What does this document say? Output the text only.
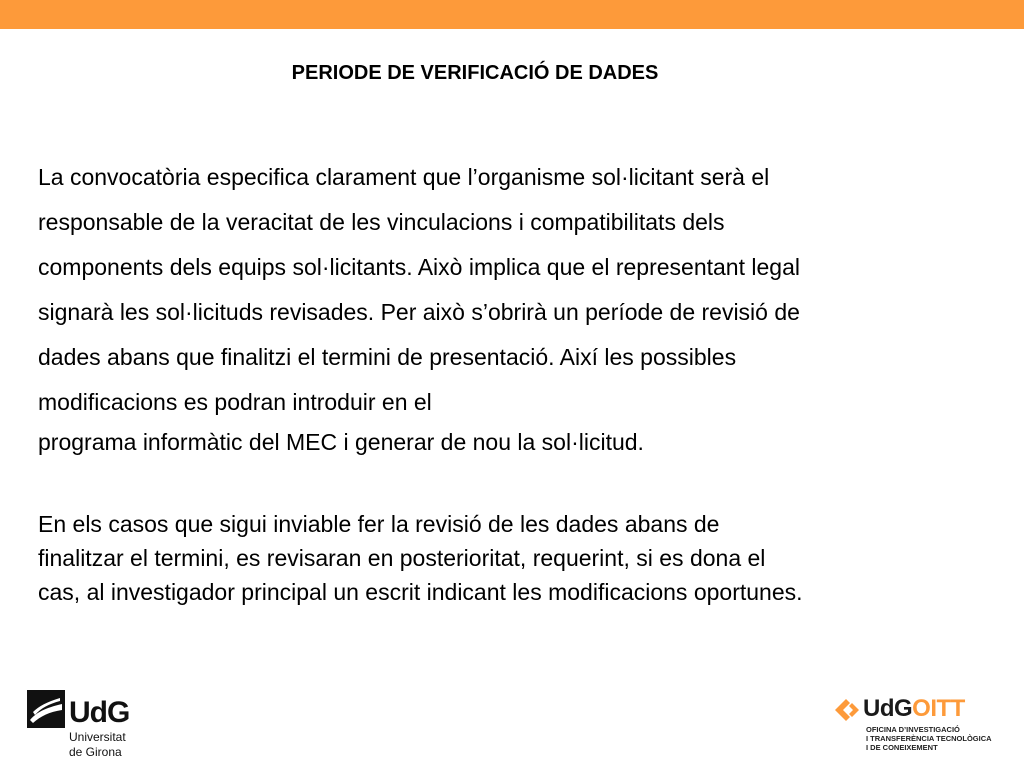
PERIODE DE VERIFICACIÓ DE DADES
La convocatòria especifica clarament que l’organisme sol·licitant serà el
responsable de la veracitat de les vinculacions i compatibilitats dels
components dels equips sol·licitants. Això implica que el representant legal
signarà les sol·licituds revisades. Per això s’obrirà un període de revisió de
dades abans que finalitzi el termini de presentació. Així les possibles
modificacions es podran introduir en el
programa informàtic del MEC i generar de nou la sol·licitud.
En els casos que sigui inviable fer la revisió de les dades abans de
finalitzar el termini, es revisaran en posterioritat, requerint, si es dona el
cas, al investigador principal un escrit indicant les modificacions oportunes.
UdG
Universitat
de Girona
UdGOITT
OFICINA D’INVESTIGACIÓ
I TRANSFERÈNCIA TECNOLÒGICA
I DE CONEIXEMENT
